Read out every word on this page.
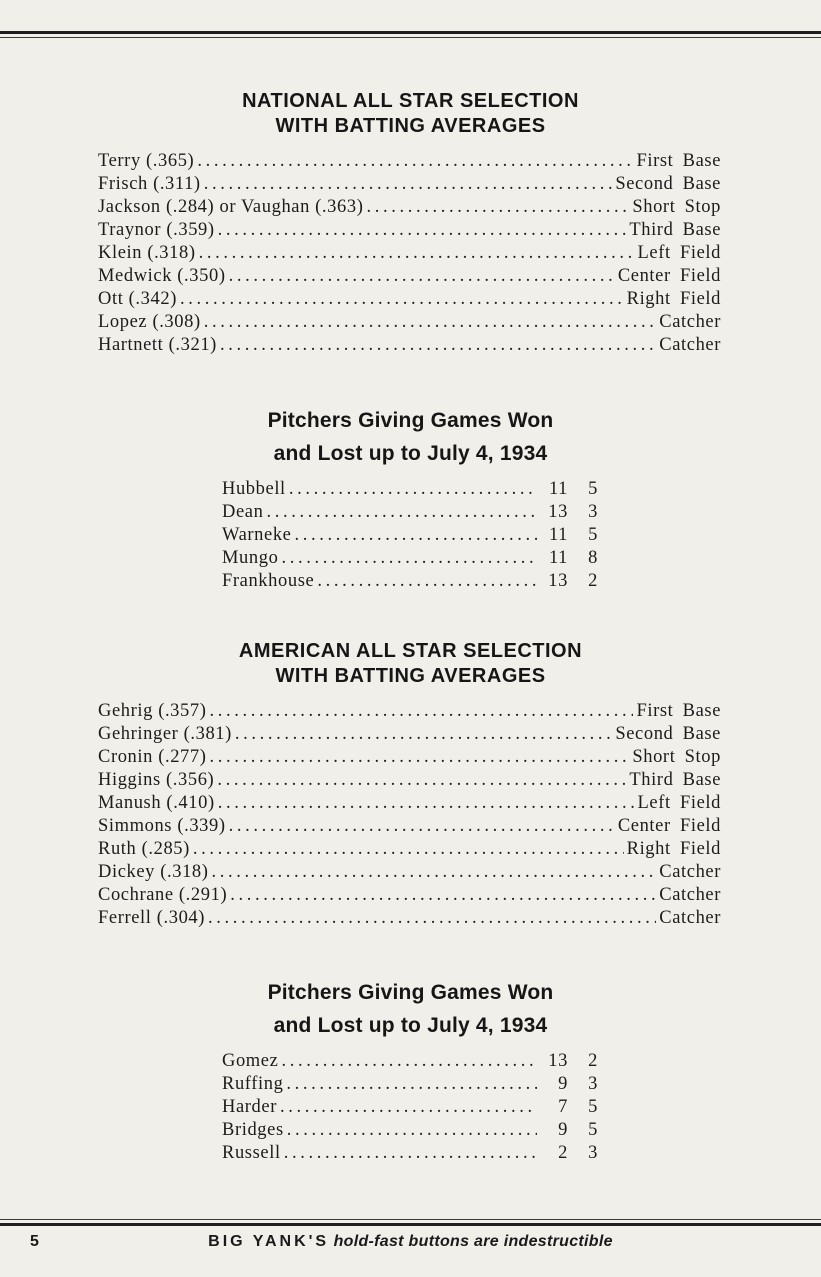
NATIONAL ALL STAR SELECTION
WITH BATTING AVERAGES
Terry (.365) . . .	First Base
Frisch (.311) . . .	Second Base
Jackson (.284) or Vaughan (.363) . . .	Short Stop
Traynor (.359) . . .	Third Base
Klein (.318) . . .	Left Field
Medwick (.350) . . .	Center Field
Ott (.342) . . .	Right Field
Lopez (.308) . . .	Catcher
Hartnett (.321) . . .	Catcher
Pitchers Giving Games Won
and Lost up to July 4, 1934
Hubbell . . .	11	5
Dean . . .	13	3
Warneke . . .	11	5
Mungo . . .	11	8
Frankhouse . . .	13	2
AMERICAN ALL STAR SELECTION
WITH BATTING AVERAGES
Gehrig (.357) . . .	First Base
Gehringer (.381) . . .	Second Base
Cronin (.277) . . .	Short Stop
Higgins (.356) . . .	Third Base
Manush (.410) . . .	Left Field
Simmons (.339) . . .	Center Field
Ruth (.285) . . .	Right Field
Dickey (.318) . . .	Catcher
Cochrane (.291) . . .	Catcher
Ferrell (.304) . . .	Catcher
Pitchers Giving Games Won
and Lost up to July 4, 1934
Gomez . . .	13	2
Ruffing . . .	9	3
Harder . . .	7	5
Bridges . . .	9	5
Russell . . .	2	3
5	BIG YANK'S hold-fast buttons are indestructible
